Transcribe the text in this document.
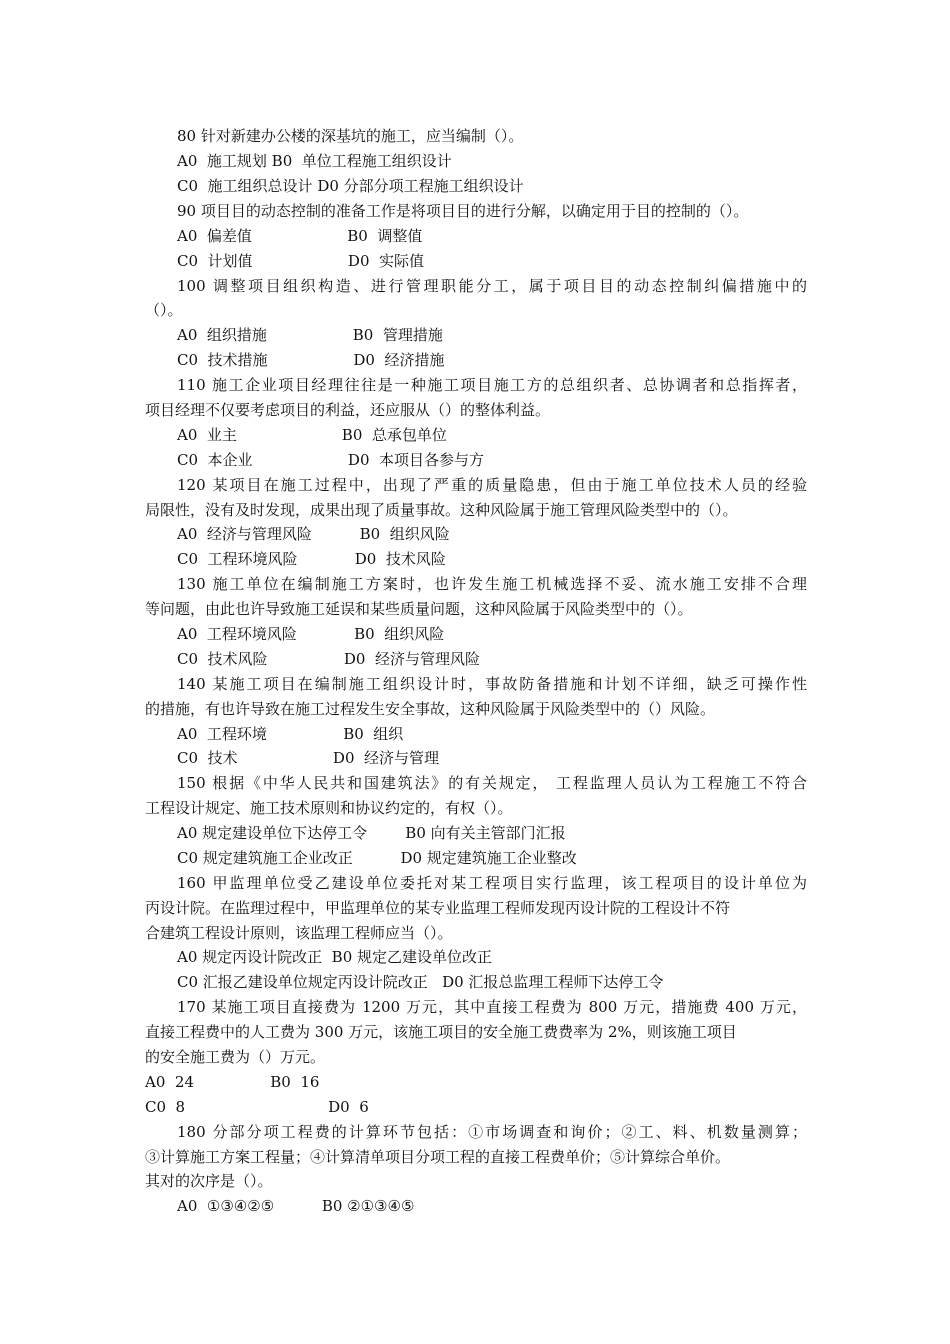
80 针对新建办公楼的深基坑的施工，应当编制（）。
A0  施工规划 B0  单位工程施工组织设计
C0  施工组织总设计 D0 分部分项工程施工组织设计
90 项目目的动态控制的准备工作是将项目目的进行分解，以确定用于目的控制的（）。
A0  偏差值                    B0  调整值
C0  计划值                    D0  实际值
100 调整项目组织构造、进行管理职能分工，属于项目目的动态控制纠偏措施中的
（）。
A0  组织措施                  B0  管理措施
C0  技术措施                  D0  经济措施
110 施工企业项目经理往往是一种施工项目施工方的总组织者、总协调者和总指挥者，
项目经理不仅要考虑项目的利益，还应服从（）的整体利益。
A0  业主                      B0  总承包单位
C0  本企业                    D0  本项目各参与方
120 某项目在施工过程中，出现了严重的质量隐患，但由于施工单位技术人员的经验
局限性，没有及时发现，成果出现了质量事故。这种风险属于施工管理风险类型中的（）。
A0  经济与管理风险          B0  组织风险
C0  工程环境风险            D0  技术风险
130 施工单位在编制施工方案时，也许发生施工机械选择不妥、流水施工安排不合理
等问题，由此也许导致施工延误和某些质量问题，这种风险属于风险类型中的（）。
A0  工程环境风险            B0  组织风险
C0  技术风险                D0  经济与管理风险
140 某施工项目在编制施工组织设计时，事故防备措施和计划不详细，缺乏可操作性
的措施，有也许导致在施工过程发生安全事故，这种风险属于风险类型中的（）风险。
A0  工程环境                B0  组织
C0  技术                    D0  经济与管理
150 根据《中华人民共和国建筑法》的有关规定， 工程监理人员认为工程施工不符合
工程设计规定、施工技术原则和协议约定的，有权（）。
A0 规定建设单位下达停工令        B0 向有关主管部门汇报
C0 规定建筑施工企业改正          D0 规定建筑施工企业整改
160 甲监理单位受乙建设单位委托对某工程项目实行监理，该工程项目的设计单位为
丙设计院。在监理过程中，甲监理单位的某专业监理工程师发现丙设计院的工程设计不符
合建筑工程设计原则，该监理工程师应当（）。
A0 规定丙设计院改正  B0 规定乙建设单位改正
C0 汇报乙建设单位规定丙设计院改正   D0 汇报总监理工程师下达停工令
170 某施工项目直接费为 1200 万元，其中直接工程费为 800 万元，措施费 400 万元，
直接工程费中的人工费为 300 万元，该施工项目的安全施工费费率为 2%，则该施工项目
的安全施工费为（）万元。
A0  24                B0  16
C0  8                              D0  6
180 分部分项工程费的计算环节包括：①市场调查和询价；②工、料、机数量测算；
③计算施工方案工程量；④计算清单项目分项工程的直接工程费单价；⑤计算综合单价。
其对的次序是（）。
A0  ①③④②⑤          B0 ②①③④⑤
